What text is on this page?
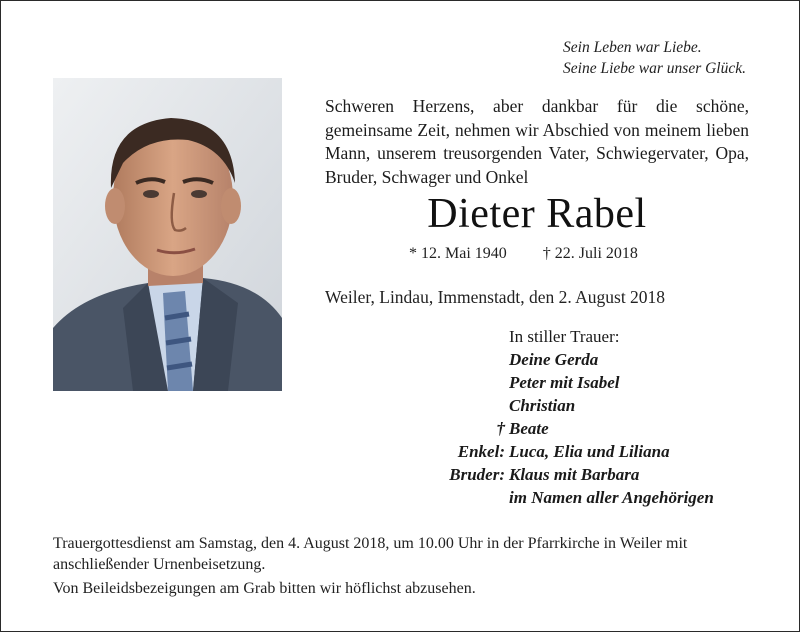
Sein Leben war Liebe.
Seine Liebe war unser Glück.

Schweren Herzens, aber dankbar für die schöne, gemeinsame Zeit, nehmen wir Abschied von meinem lieben Mann, unserem treusorgenden Vater, Schwiegervater, Opa, Bruder, Schwager und Onkel

Dieter Rabel
* 12. Mai 1940 † 22. Juli 2018
Weiler, Lindau, Immenstadt, den 2. August 2018
In stiller Trauer:
Deine Gerda
Peter mit Isabel
Christian
† Beate
Enkel: Luca, Elia und Liliana
Bruder: Klaus mit Barbara
im Namen aller Angehörigen

Trauergottesdienst am Samstag, den 4. August 2018, um 10.00 Uhr in der Pfarrkirche in Weiler mit anschließender Urnenbeisetzung.

Von Beileidsbezeigungen am Grab bitten wir höflichst abzusehen.
